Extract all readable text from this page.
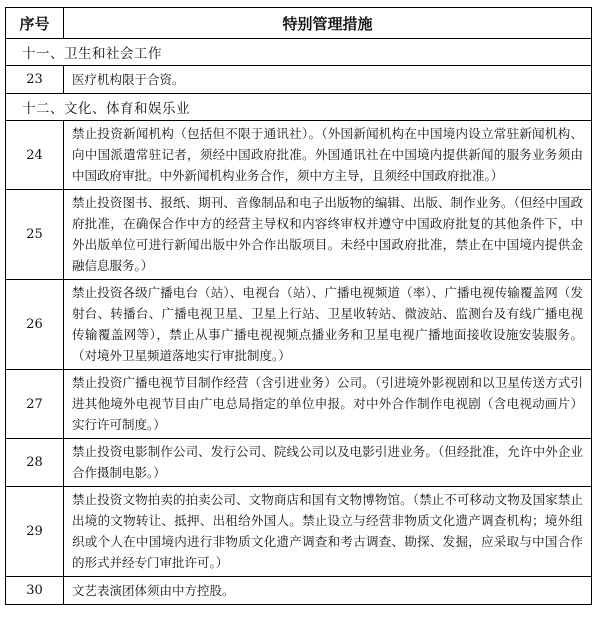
序号	特别管理措施
十一、卫生和社会工作	
23	医疗机构限于合资。
十二、文化、体育和娱乐业	
24	禁止投资新闻机构（包括但不限于通讯社）。（外国新闻机构在中国境内设立常驻新闻机构、向中国派遣常驻记者，须经中国政府批准。外国通讯社在中国境内提供新闻的服务业务须由中国政府审批。中外新闻机构业务合作，须中方主导，且须经中国政府批准。）
25	禁止投资图书、报纸、期刊、音像制品和电子出版物的编辑、出版、制作业务。（但经中国政府批准，在确保合作中方的经营主导权和内容终审权并遵守中国政府批复的其他条件下，中外出版单位可进行新闻出版中外合作出版项目。未经中国政府批准，禁止在中国境内提供金融信息服务。）
26	禁止投资各级广播电台（站）、电视台（站）、广播电视频道（率）、广播电视传输覆盖网（发射台、转播台、广播电视卫星、卫星上行站、卫星收转站、微波站、监测台及有线广播电视传输覆盖网等），禁止从事广播电视视频点播业务和卫星电视广播地面接收设施安装服务。（对境外卫星频道落地实行审批制度。）
27	禁止投资广播电视节目制作经营（含引进业务）公司。（引进境外影视剧和以卫星传送方式引进其他境外电视节目由广电总局指定的单位申报。对中外合作制作电视剧（含电视动画片）实行许可制度。）
28	禁止投资电影制作公司、发行公司、院线公司以及电影引进业务。（但经批准，允许中外企业合作摄制电影。）
29	禁止投资文物拍卖的拍卖公司、文物商店和国有文物博物馆。（禁止不可移动文物及国家禁止出境的文物转让、抵押、出租给外国人。禁止设立与经营非物质文化遗产调查机构；境外组织或个人在中国境内进行非物质文化遗产调查和考古调查、勘探、发掘，应采取与中国合作的形式并经专门审批许可。）
30	文艺表演团体须由中方控股。
